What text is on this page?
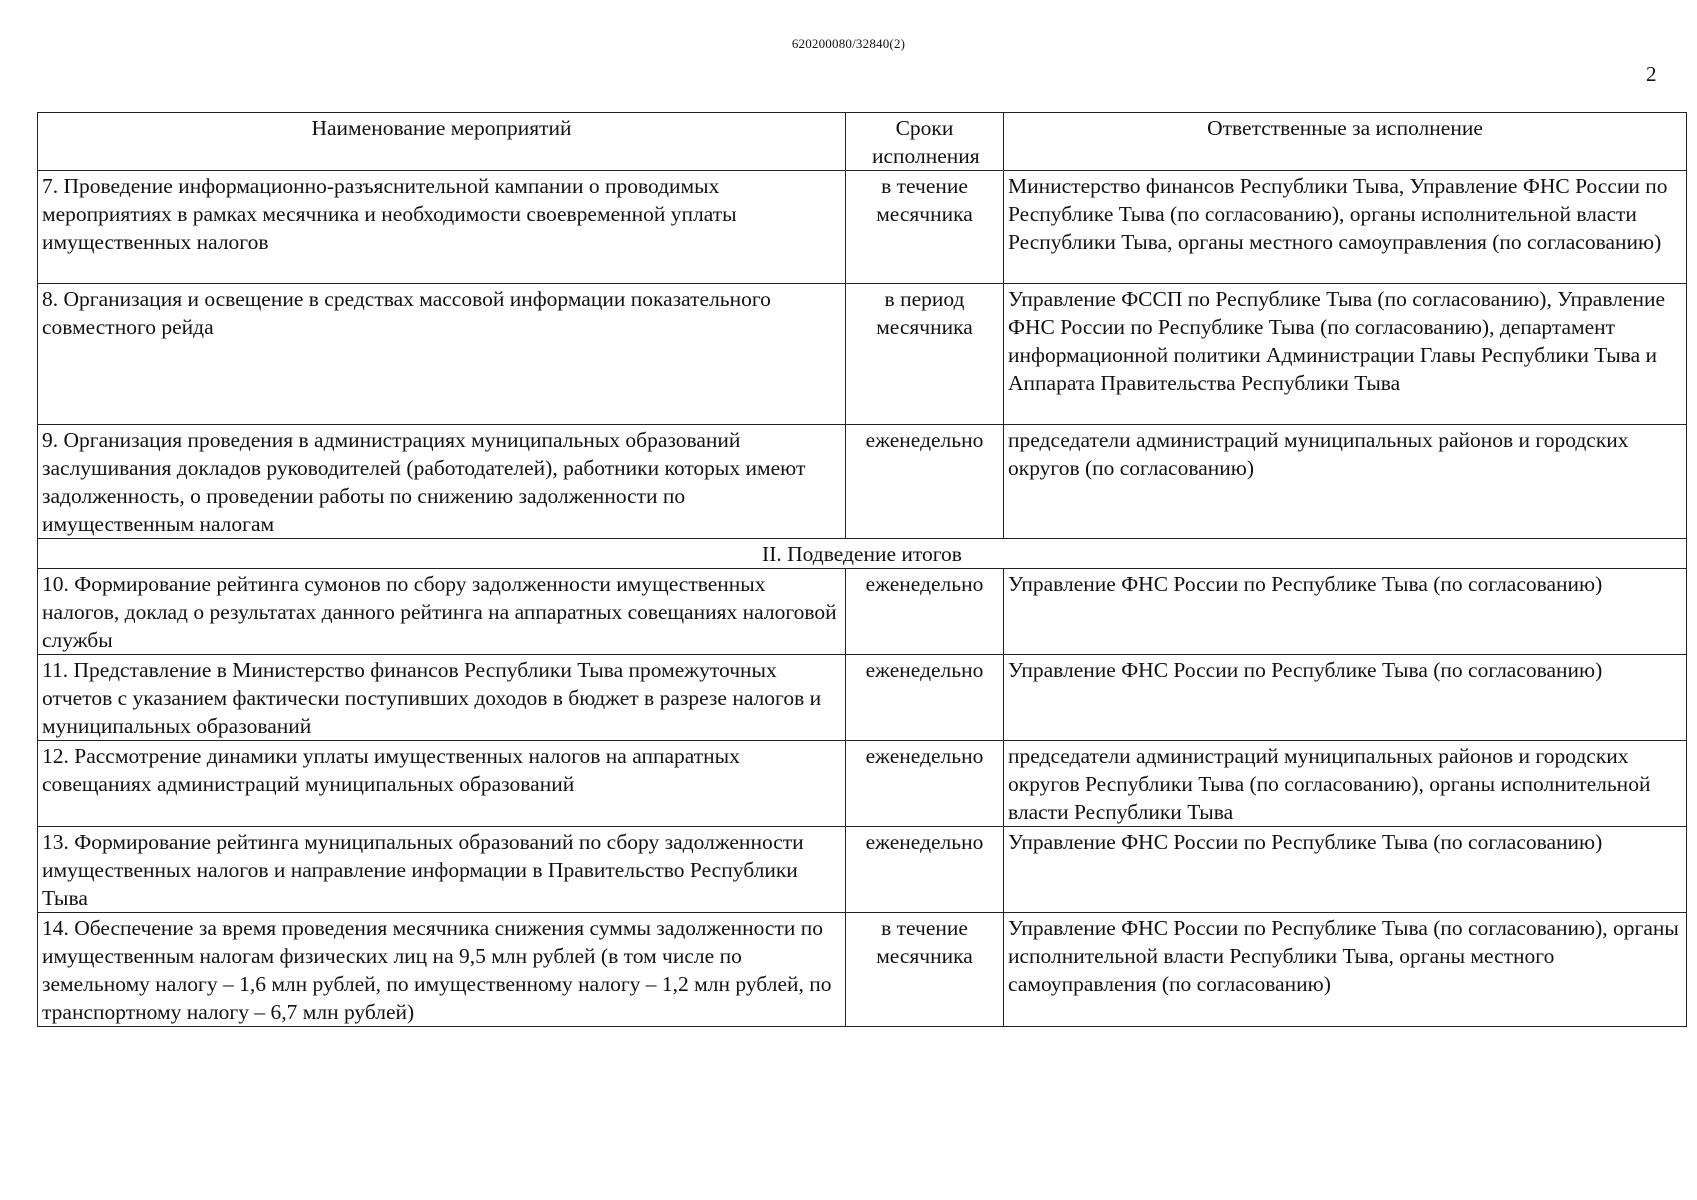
620200080/32840(2)
2
Наименование мероприятий	Сроки исполнения	Ответственные за исполнение
7. Проведение информационно-разъяснительной кампании о проводимых мероприятиях в рамках месячника и необходимости своевременной уплаты имущественных налогов	в течение месячника	Министерство финансов Республики Тыва, Управление ФНС России по Республике Тыва (по согласованию), органы исполнительной власти Республики Тыва, органы местного самоуправления (по согласованию)
8. Организация и освещение в средствах массовой информации показательного совместного рейда	в период месячника	Управление ФССП по Республике Тыва (по согласованию), Управление ФНС России по Республике Тыва (по согласованию), департамент информационной политики Администрации Главы Республики Тыва и Аппарата Правительства Республики Тыва
9. Организация проведения в администрациях муниципальных образований заслушивания докладов руководителей (работодателей), работники которых имеют задолженность, о проведении работы по снижению задолженности по имущественным налогам	еженедельно	председатели администраций муниципальных районов и городских округов (по согласованию)
II. Подведение итогов		
10. Формирование рейтинга сумонов по сбору задолженности имущественных налогов, доклад о результатах данного рейтинга на аппаратных совещаниях налоговой службы	еженедельно	Управление ФНС России по Республике Тыва (по согласованию)
11. Представление в Министерство финансов Республики Тыва промежуточных отчетов с указанием фактически поступивших доходов в бюджет в разрезе налогов и муниципальных образований	еженедельно	Управление ФНС России по Республике Тыва (по согласованию)
12. Рассмотрение динамики уплаты имущественных налогов на аппаратных совещаниях администраций муниципальных образований	еженедельно	председатели администраций муниципальных районов и городских округов Республики Тыва (по согласованию), органы исполнительной власти Республики Тыва
13. Формирование рейтинга муниципальных образований по сбору задолженности имущественных налогов и направление информации в Правительство Республики Тыва	еженедельно	Управление ФНС России по Республике Тыва (по согласованию)
14. Обеспечение за время проведения месячника снижения суммы задолженности по имущественным налогам физических лиц на 9,5 млн рублей (в том числе по земельному налогу – 1,6 млн рублей, по имущественному налогу – 1,2 млн рублей, по транспортному налогу – 6,7 млн рублей)	в течение месячника	Управление ФНС России по Республике Тыва (по согласованию), органы исполнительной власти Республики Тыва, органы местного самоуправления (по согласованию)
